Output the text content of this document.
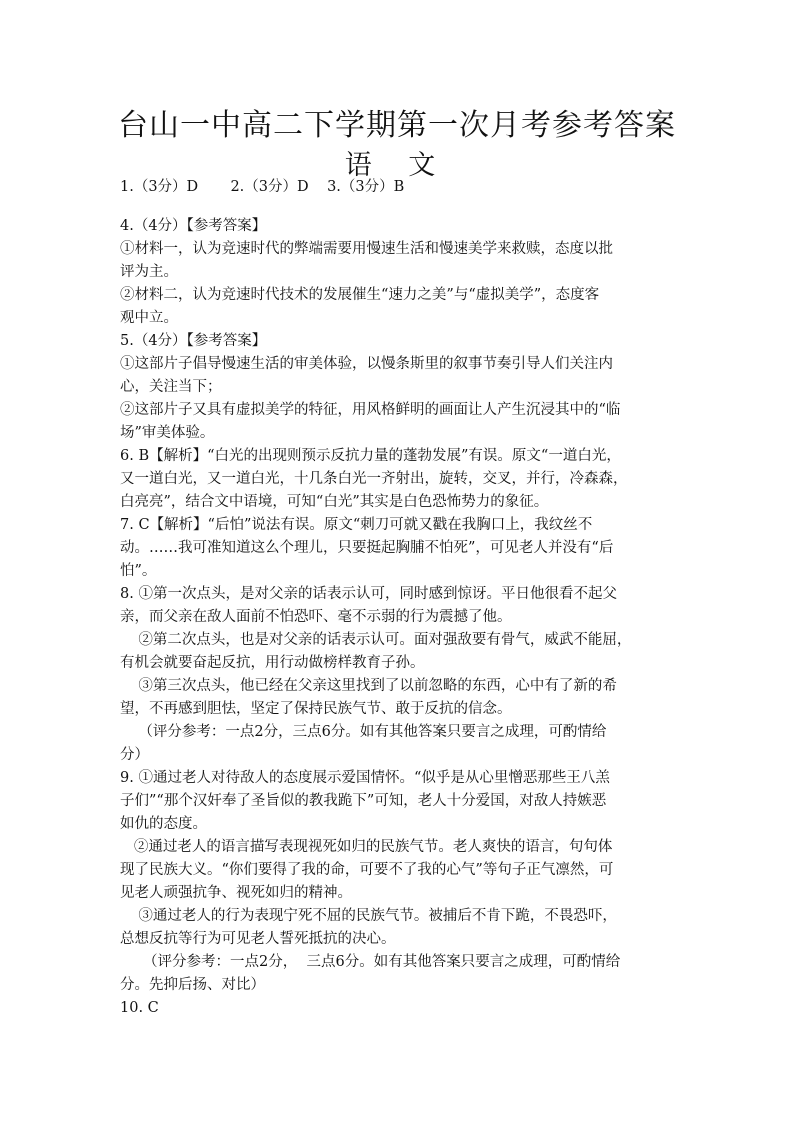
台山一中高二下学期第一次月考参考答案
语 文
1.（3分）D       2.（3分）D    3.（3分）B
4.（4分）【参考答案】
①材料一，认为竞速时代的弊端需要用慢速生活和慢速美学来救赎，态度以批
评为主。
②材料二，认为竞速时代技术的发展催生“速力之美”与“虚拟美学”，态度客
观中立。
5.（4分）【参考答案】
①这部片子倡导慢速生活的审美体验，以慢条斯里的叙事节奏引导人们关注内
心，关注当下；
②这部片子又具有虚拟美学的特征，用风格鲜明的画面让人产生沉浸其中的“临
场”审美体验。
6. B【解析】“白光的出现则预示反抗力量的蓬勃发展”有误。原文“一道白光，
又一道白光，又一道白光，十几条白光一齐射出，旋转，交叉，并行，冷森森，
白亮亮”，结合文中语境，可知“白光”其实是白色恐怖势力的象征。
7. C【解析】“后怕”说法有误。原文“刺刀可就又戳在我胸口上，我纹丝不
动。……我可准知道这么个理儿，只要挺起胸脯不怕死”，可见老人并没有“后
怕”。
8. ①第一次点头，是对父亲的话表示认可，同时感到惊讶。平日他很看不起父
亲，而父亲在敌人面前不怕恐吓、毫不示弱的行为震撼了他。
②第二次点头，也是对父亲的话表示认可。面对强敌要有骨气，威武不能屈，
有机会就要奋起反抗，用行动做榜样教育子孙。
③第三次点头，他已经在父亲这里找到了以前忽略的东西，心中有了新的希
望，不再感到胆怯，坚定了保持民族气节、敢于反抗的信念。
（评分参考：一点2分，三点6分。如有其他答案只要言之成理，可酌情给
分）
9. ①通过老人对待敌人的态度展示爱国情怀。“似乎是从心里憎恶那些王八羔
子们”“那个汉奸奉了圣旨似的教我跪下”可知，老人十分爱国，对敌人持嫉恶
如仇的态度。
②通过老人的语言描写表现视死如归的民族气节。老人爽快的语言，句句体
现了民族大义。“你们要得了我的命，可要不了我的心气”等句子正气凛然，可
见老人顽强抗争、视死如归的精神。
③通过老人的行为表现宁死不屈的民族气节。被捕后不肯下跪，不畏恐吓，
总想反抗等行为可见老人誓死抵抗的决心。
（评分参考：一点2分，  三点6分。如有其他答案只要言之成理，可酌情给
分。先抑后扬、对比）
10. C
